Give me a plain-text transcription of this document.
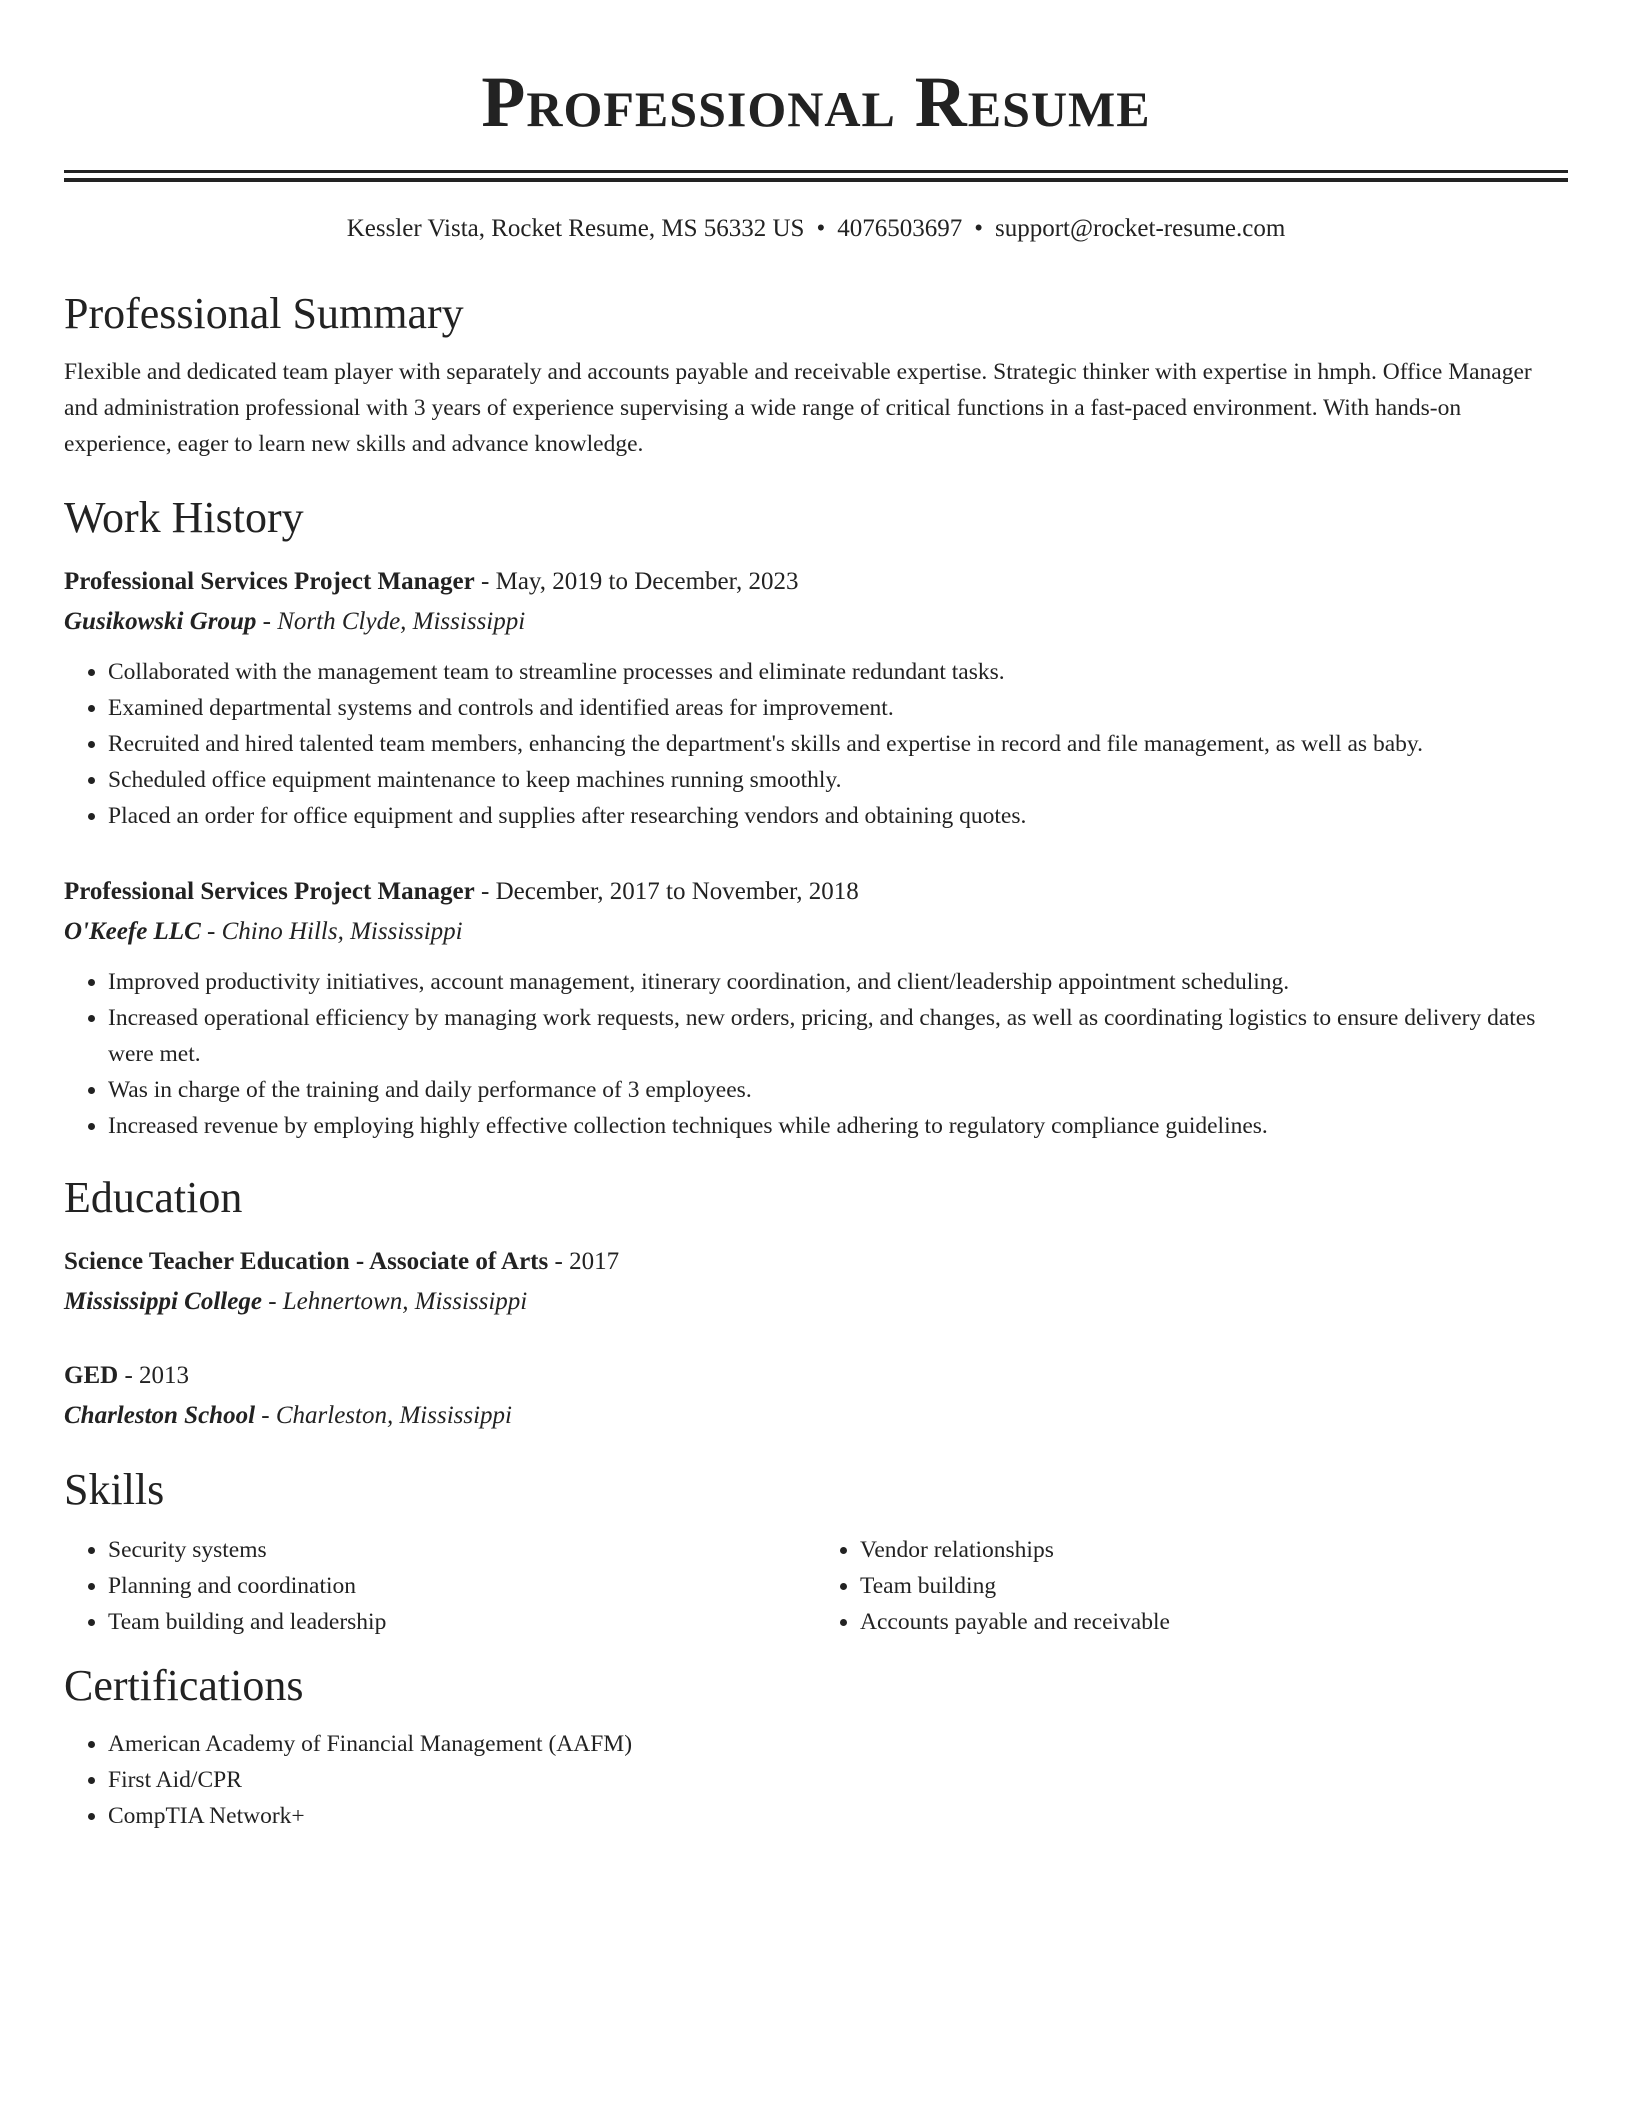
Professional Resume
Kessler Vista, Rocket Resume, MS 56332 US • 4076503697 • support@rocket-resume.com
Professional Summary

Flexible and dedicated team player with separately and accounts payable and receivable expertise. Strategic thinker with expertise in hmph. Office Manager and administration professional with 3 years of experience supervising a wide range of critical functions in a fast-paced environment. With hands-on experience, eager to learn new skills and advance knowledge.

Work History
Professional Services Project Manager - May, 2019 to December, 2023
Gusikowski Group - North Clyde, Mississippi
• Collaborated with the management team to streamline processes and eliminate redundant tasks.
• Examined departmental systems and controls and identified areas for improvement.
• Recruited and hired talented team members, enhancing the department's skills and expertise in record and file management, as well as baby.
• Scheduled office equipment maintenance to keep machines running smoothly.
• Placed an order for office equipment and supplies after researching vendors and obtaining quotes.
Professional Services Project Manager - December, 2017 to November, 2018
O'Keefe LLC - Chino Hills, Mississippi
• Improved productivity initiatives, account management, itinerary coordination, and client/leadership appointment scheduling.
• Increased operational efficiency by managing work requests, new orders, pricing, and changes, as well as coordinating logistics to ensure delivery dates were met.
• Was in charge of the training and daily performance of 3 employees.
• Increased revenue by employing highly effective collection techniques while adhering to regulatory compliance guidelines.
Education
Science Teacher Education - Associate of Arts - 2017
Mississippi College - Lehnertown, Mississippi
GED - 2013
Charleston School - Charleston, Mississippi
Skills
• Security systems
• Planning and coordination
• Team building and leadership
• Vendor relationships
• Team building
• Accounts payable and receivable
Certifications
• American Academy of Financial Management (AAFM)
• First Aid/CPR
• CompTIA Network+
